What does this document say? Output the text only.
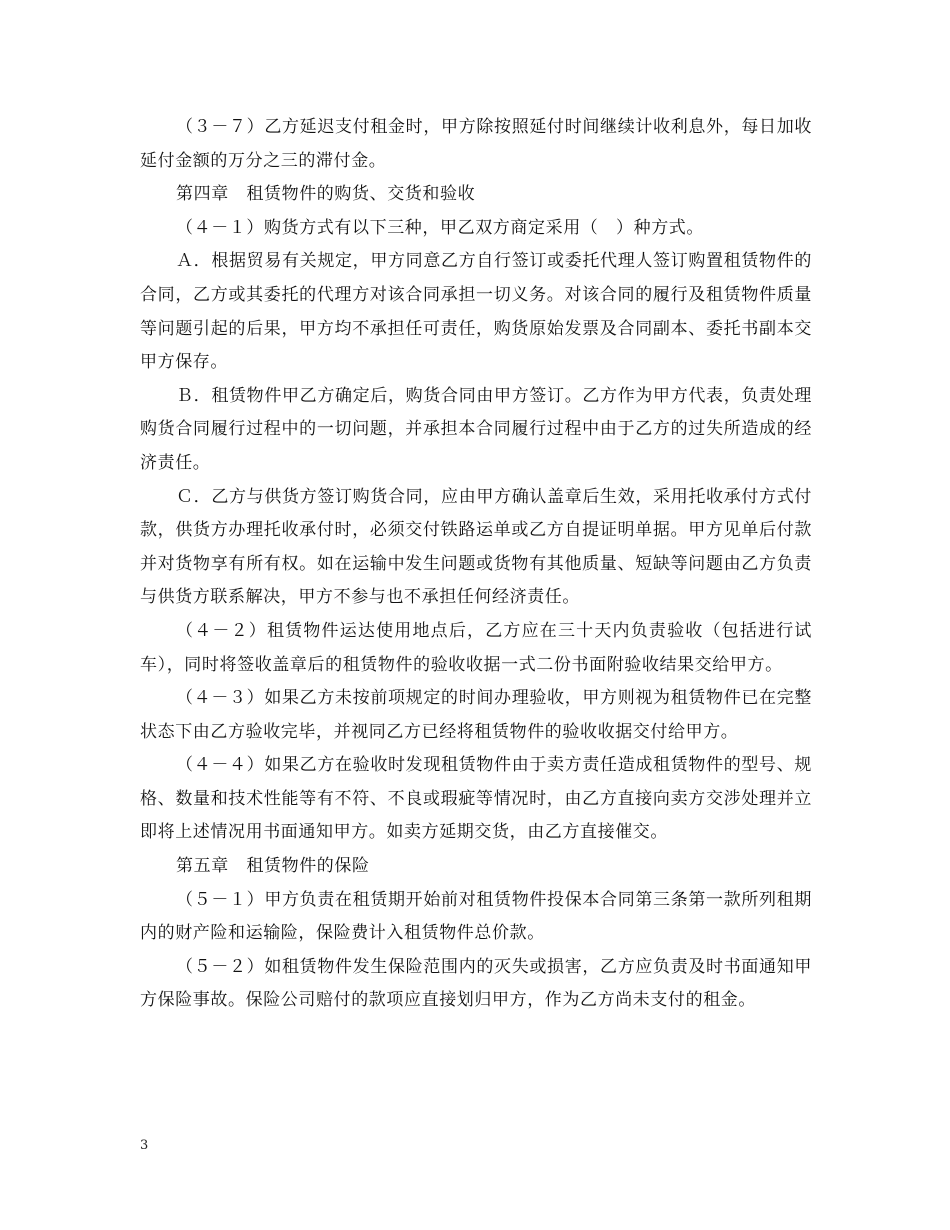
（３－７）乙方延迟支付租金时，甲方除按照延付时间继续计收利息外，每日加收延付金额的万分之三的滞付金。

第四章　租赁物件的购货、交货和验收

（４－１）购货方式有以下三种，甲乙双方商定采用（　）种方式。

Ａ．根据贸易有关规定，甲方同意乙方自行签订或委托代理人签订购置租赁物件的合同，乙方或其委托的代理方对该合同承担一切义务。对该合同的履行及租赁物件质量等问题引起的后果，甲方均不承担任可责任，购货原始发票及合同副本、委托书副本交甲方保存。

Ｂ．租赁物件甲乙方确定后，购货合同由甲方签订。乙方作为甲方代表，负责处理购货合同履行过程中的一切问题，并承担本合同履行过程中由于乙方的过失所造成的经济责任。

Ｃ．乙方与供货方签订购货合同，应由甲方确认盖章后生效，采用托收承付方式付款，供货方办理托收承付时，必须交付铁路运单或乙方自提证明单据。甲方见单后付款并对货物享有所有权。如在运输中发生问题或货物有其他质量、短缺等问题由乙方负责与供货方联系解决，甲方不参与也不承担任何经济责任。

（４－２）租赁物件运达使用地点后，乙方应在三十天内负责验收（包括进行试车），同时将签收盖章后的租赁物件的验收收据一式二份书面附验收结果交给甲方。

（４－３）如果乙方未按前项规定的时间办理验收，甲方则视为租赁物件已在完整状态下由乙方验收完毕，并视同乙方已经将租赁物件的验收收据交付给甲方。

（４－４）如果乙方在验收时发现租赁物件由于卖方责任造成租赁物件的型号、规格、数量和技术性能等有不符、不良或瑕疵等情况时，由乙方直接向卖方交涉处理并立即将上述情况用书面通知甲方。如卖方延期交货，由乙方直接催交。

第五章　租赁物件的保险

（５－１）甲方负责在租赁期开始前对租赁物件投保本合同第三条第一款所列租期内的财产险和运输险，保险费计入租赁物件总价款。

（５－２）如租赁物件发生保险范围内的灭失或损害，乙方应负责及时书面通知甲方保险事故。保险公司赔付的款项应直接划归甲方，作为乙方尚未支付的租金。

3
